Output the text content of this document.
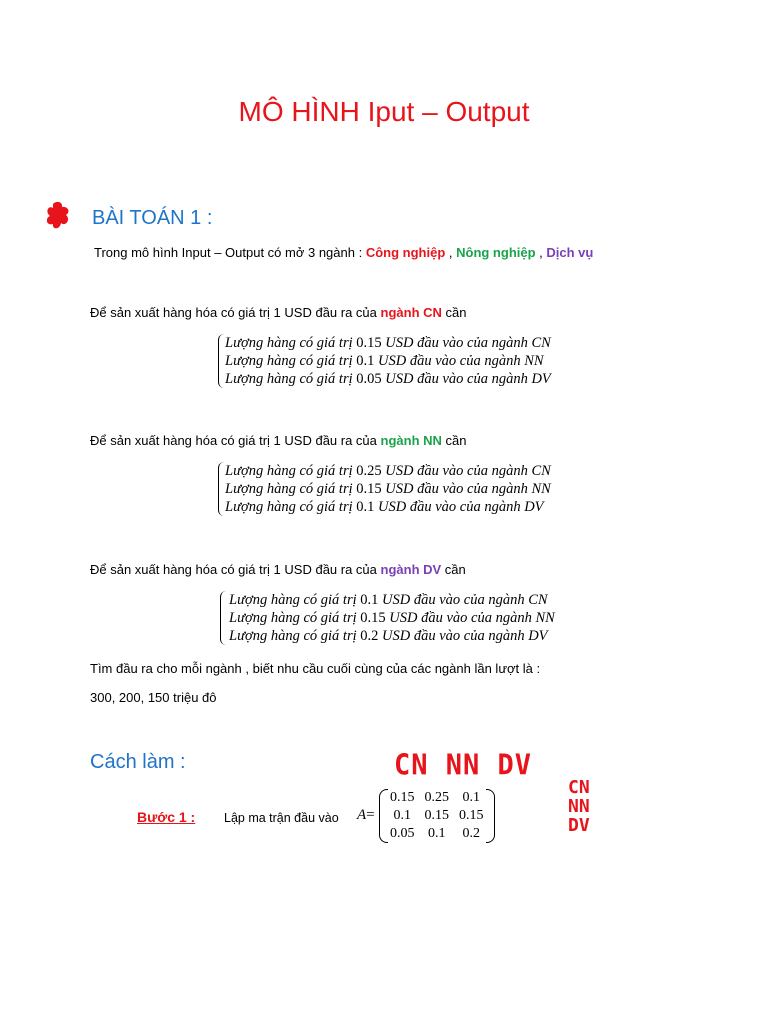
MÔ HÌNH Iput – Output
BÀI TOÁN 1 :
Trong mô hình Input – Output có mở 3 ngành : Công nghiệp , Nông nghiệp , Dịch vụ
Để sản xuất hàng hóa có giá trị 1 USD đầu ra của ngành CN cần
Lượng hàng có giá trị 0.15 USD đầu vào của ngành CN
Lượng hàng có giá trị 0.1 USD đầu vào của ngành NN
Lượng hàng có giá trị 0.05 USD đầu vào của ngành DV
Để sản xuất hàng hóa có giá trị 1 USD đầu ra của ngành NN cần
Lượng hàng có giá trị 0.25 USD đầu vào của ngành CN
Lượng hàng có giá trị 0.15 USD đầu vào của ngành NN
Lượng hàng có giá trị 0.1 USD đầu vào của ngành DV
Để sản xuất hàng hóa có giá trị 1 USD đầu ra của ngành DV cần
Lượng hàng có giá trị 0.1 USD đầu vào của ngành CN
Lượng hàng có giá trị 0.15 USD đầu vào của ngành NN
Lượng hàng có giá trị 0.2 USD đầu vào của ngành DV
Tìm đầu ra cho mỗi ngành , biết nhu cầu cuối cùng của các ngành lần lượt là :
300, 200, 150 triệu đô
Cách làm :	CN NN DV
CN
NN
DV
Bước 1 : Lập ma trận đầu vào A=
0.15	0.25	0.1
0.1	0.15	0.15
0.05	0.1	0.2
